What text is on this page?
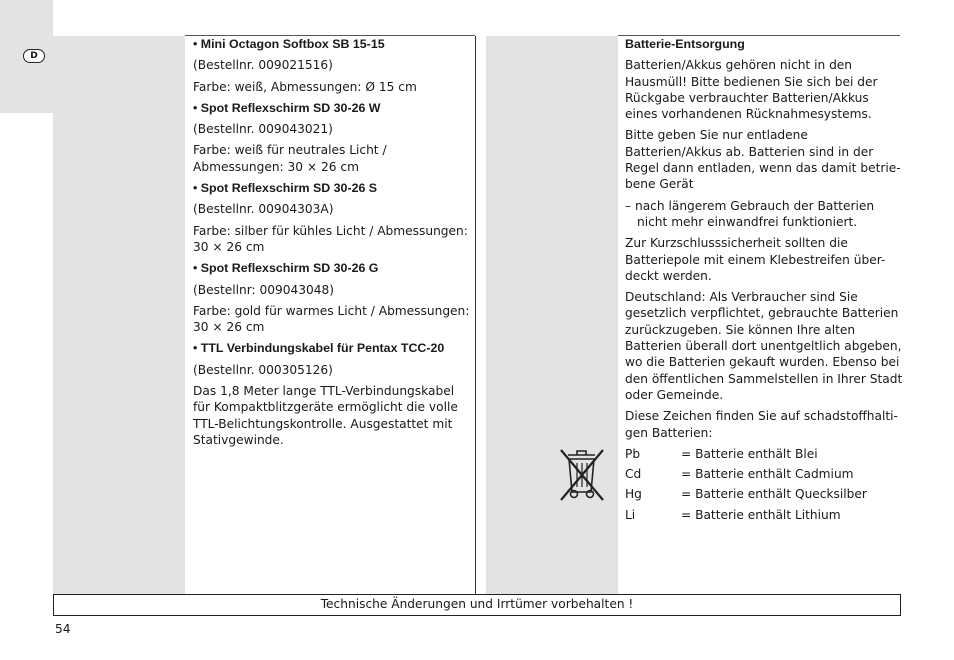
D

• Mini Octagon Softbox SB 15-15

(Bestellnr. 009021516)

Farbe: weiß, Abmessungen: Ø 15 cm

• Spot Reflexschirm SD 30-26 W

(Bestellnr. 009043021)

Farbe: weiß für neutrales Licht / Abmessungen: 30 × 26 cm

• Spot Reflexschirm SD 30-26 S

(Bestellnr. 00904303A)

Farbe: silber für kühles Licht / Abmessungen: 30 × 26 cm

• Spot Reflexschirm SD 30-26 G

(Bestellnr: 009043048)

Farbe: gold für warmes Licht / Abmessungen: 30 × 26 cm

• TTL Verbindungskabel für Pentax TCC-20

(Bestellnr. 000305126)

Das 1,8 Meter lange TTL-Verbindungskabel für Kompaktblitzgeräte ermöglicht die volle TTL-Belichtungskontrolle. Ausgestattet mit Stativgewinde.

Batterie-Entsorgung

Batterien/Akkus gehören nicht in den Hausmüll! Bitte bedienen Sie sich bei der Rückgabe verbrauchter Batterien/Akkus eines vorhandenen Rücknahmesystems.

Bitte geben Sie nur entladene Batterien/Akkus ab. Batterien sind in der Regel dann entladen, wenn das damit betrie-bene Gerät

– nach längerem Gebrauch der Batterien nicht mehr einwandfrei funktioniert.

Zur Kurzschlusssicherheit sollten die Batteriepole mit einem Klebestreifen über-deckt werden.

Deutschland: Als Verbraucher sind Sie gesetzlich verpflichtet, gebrauchte Batterien zurückzugeben. Sie können Ihre alten Batterien überall dort unentgeltlich abgeben, wo die Batterien gekauft wurden. Ebenso bei den öffentlichen Sammelstellen in Ihrer Stadt oder Gemeinde.

Diese Zeichen finden Sie auf schadstoffhalti-gen Batterien:

Pb	= Batterie enthält Blei
Cd	= Batterie enthält Cadmium
Hg	= Batterie enthält Quecksilber
Li	= Batterie enthält Lithium
Technische Änderungen und Irrtümer vorbehalten !
54
